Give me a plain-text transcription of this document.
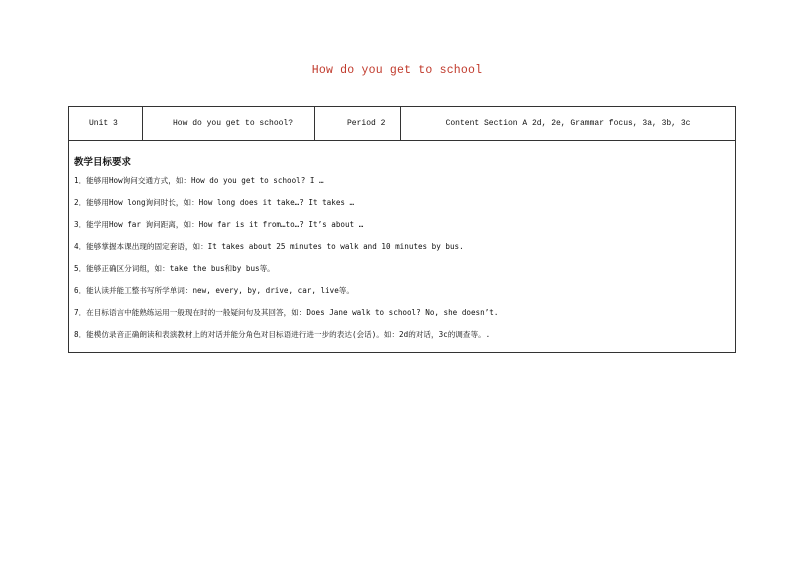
How do you get to school
Unit 3	How do you get to school?	Period 2	Content Section A 2d, 2e, Grammar focus, 3a, 3b, 3c

教学目标要求
1．能够用How询问交通方式，如：How do you get to school? I …
2．能够用How long询问时长，如：How long does it take…? It takes …
3．能学用How far 询问距离，如：How far is it from…to…? It’s about …
4．能够掌握本课出现的固定套语，如：It takes about 25 minutes to walk and 10 minutes by bus.
5．能够正确区分词组，如：take the bus和by bus等。
6．能认读并能工整书写所学单词：new, every, by, drive, car, live等。
7．在目标语言中能熟练运用一般现在时的一般疑问句及其回答，如：Does Jane walk to school? No, she doesn’t.
8．能模仿录音正确朗读和表演教材上的对话并能分角色对目标语进行进一步的表达(会话)。如：2d的对话，3c的调查等。.
